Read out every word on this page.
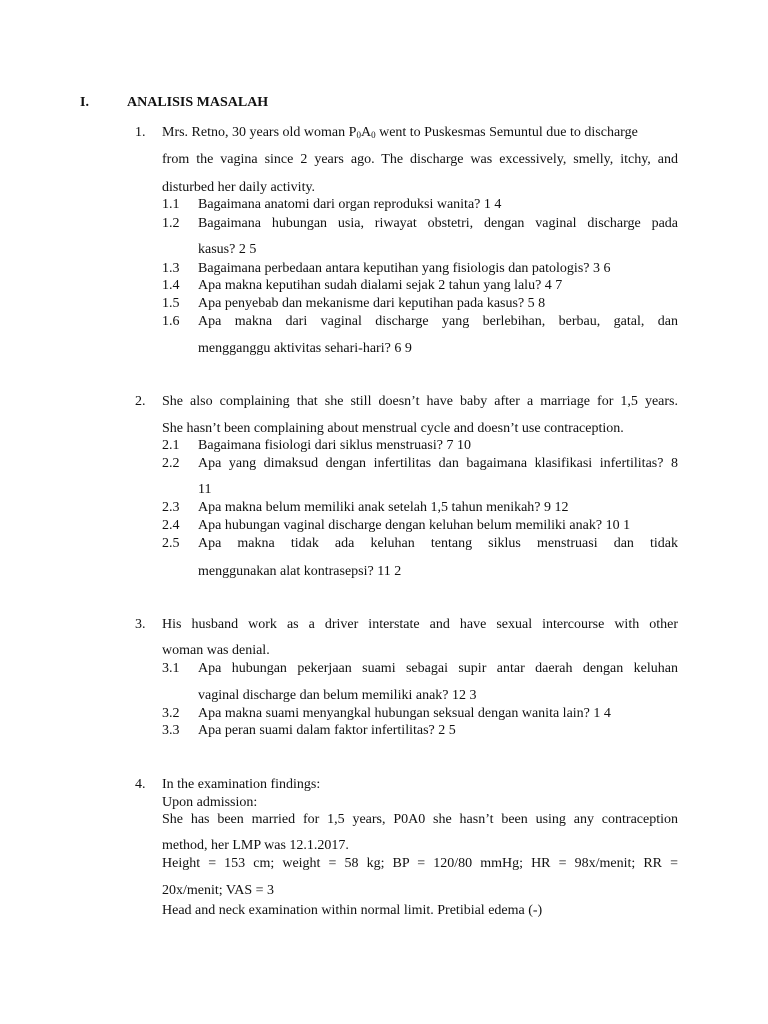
I.	ANALISIS MASALAH
1. Mrs. Retno, 30 years old woman $P_0A_0$ went to Puskesmas Semuntul due to discharge
from the vagina since 2 years ago. The discharge was excessively, smelly, itchy, and
disturbed her daily activity.
1.1 Bagaimana anatomi dari organ reproduksi wanita? 1 4
1.2 Bagaimana hubungan usia, riwayat obstetri, dengan vaginal discharge pada
kasus? 2 5
1.3 Bagaimana perbedaan antara keputihan yang fisiologis dan patologis? 3 6
1.4 Apa makna keputihan sudah dialami sejak 2 tahun yang lalu? 4 7
1.5 Apa penyebab dan mekanisme dari keputihan pada kasus? 5 8
1.6 Apa makna dari vaginal discharge yang berlebihan, berbau, gatal, dan
mengganggu aktivitas sehari-hari? 6 9
2. She also complaining that she still doesn’t have baby after a marriage for 1,5 years.
She hasn’t been complaining about menstrual cycle and doesn’t use contraception.
2.1 Bagaimana fisiologi dari siklus menstruasi? 7 10
2.2 Apa yang dimaksud dengan infertilitas dan bagaimana klasifikasi infertilitas? 8
11
2.3 Apa makna belum memiliki anak setelah 1,5 tahun menikah? 9 12
2.4 Apa hubungan vaginal discharge dengan keluhan belum memiliki anak? 10 1
2.5 Apa makna tidak ada keluhan tentang siklus menstruasi dan tidak
menggunakan alat kontrasepsi? 11 2
3. His husband work as a driver interstate and have sexual intercourse with other
woman was denial.
3.1 Apa hubungan pekerjaan suami sebagai supir antar daerah dengan keluhan
vaginal discharge dan belum memiliki anak? 12 3
3.2 Apa makna suami menyangkal hubungan seksual dengan wanita lain? 1 4
3.3 Apa peran suami dalam faktor infertilitas? 2 5
4. In the examination findings:
Upon admission:
She has been married for 1,5 years, P0A0 she hasn’t been using any contraception
method, her LMP was 12.1.2017.
Height = 153 cm; weight = 58 kg; BP = 120/80 mmHg; HR = 98x/menit; RR =
20x/menit; VAS = 3
Head and neck examination within normal limit. Pretibial edema (-)
